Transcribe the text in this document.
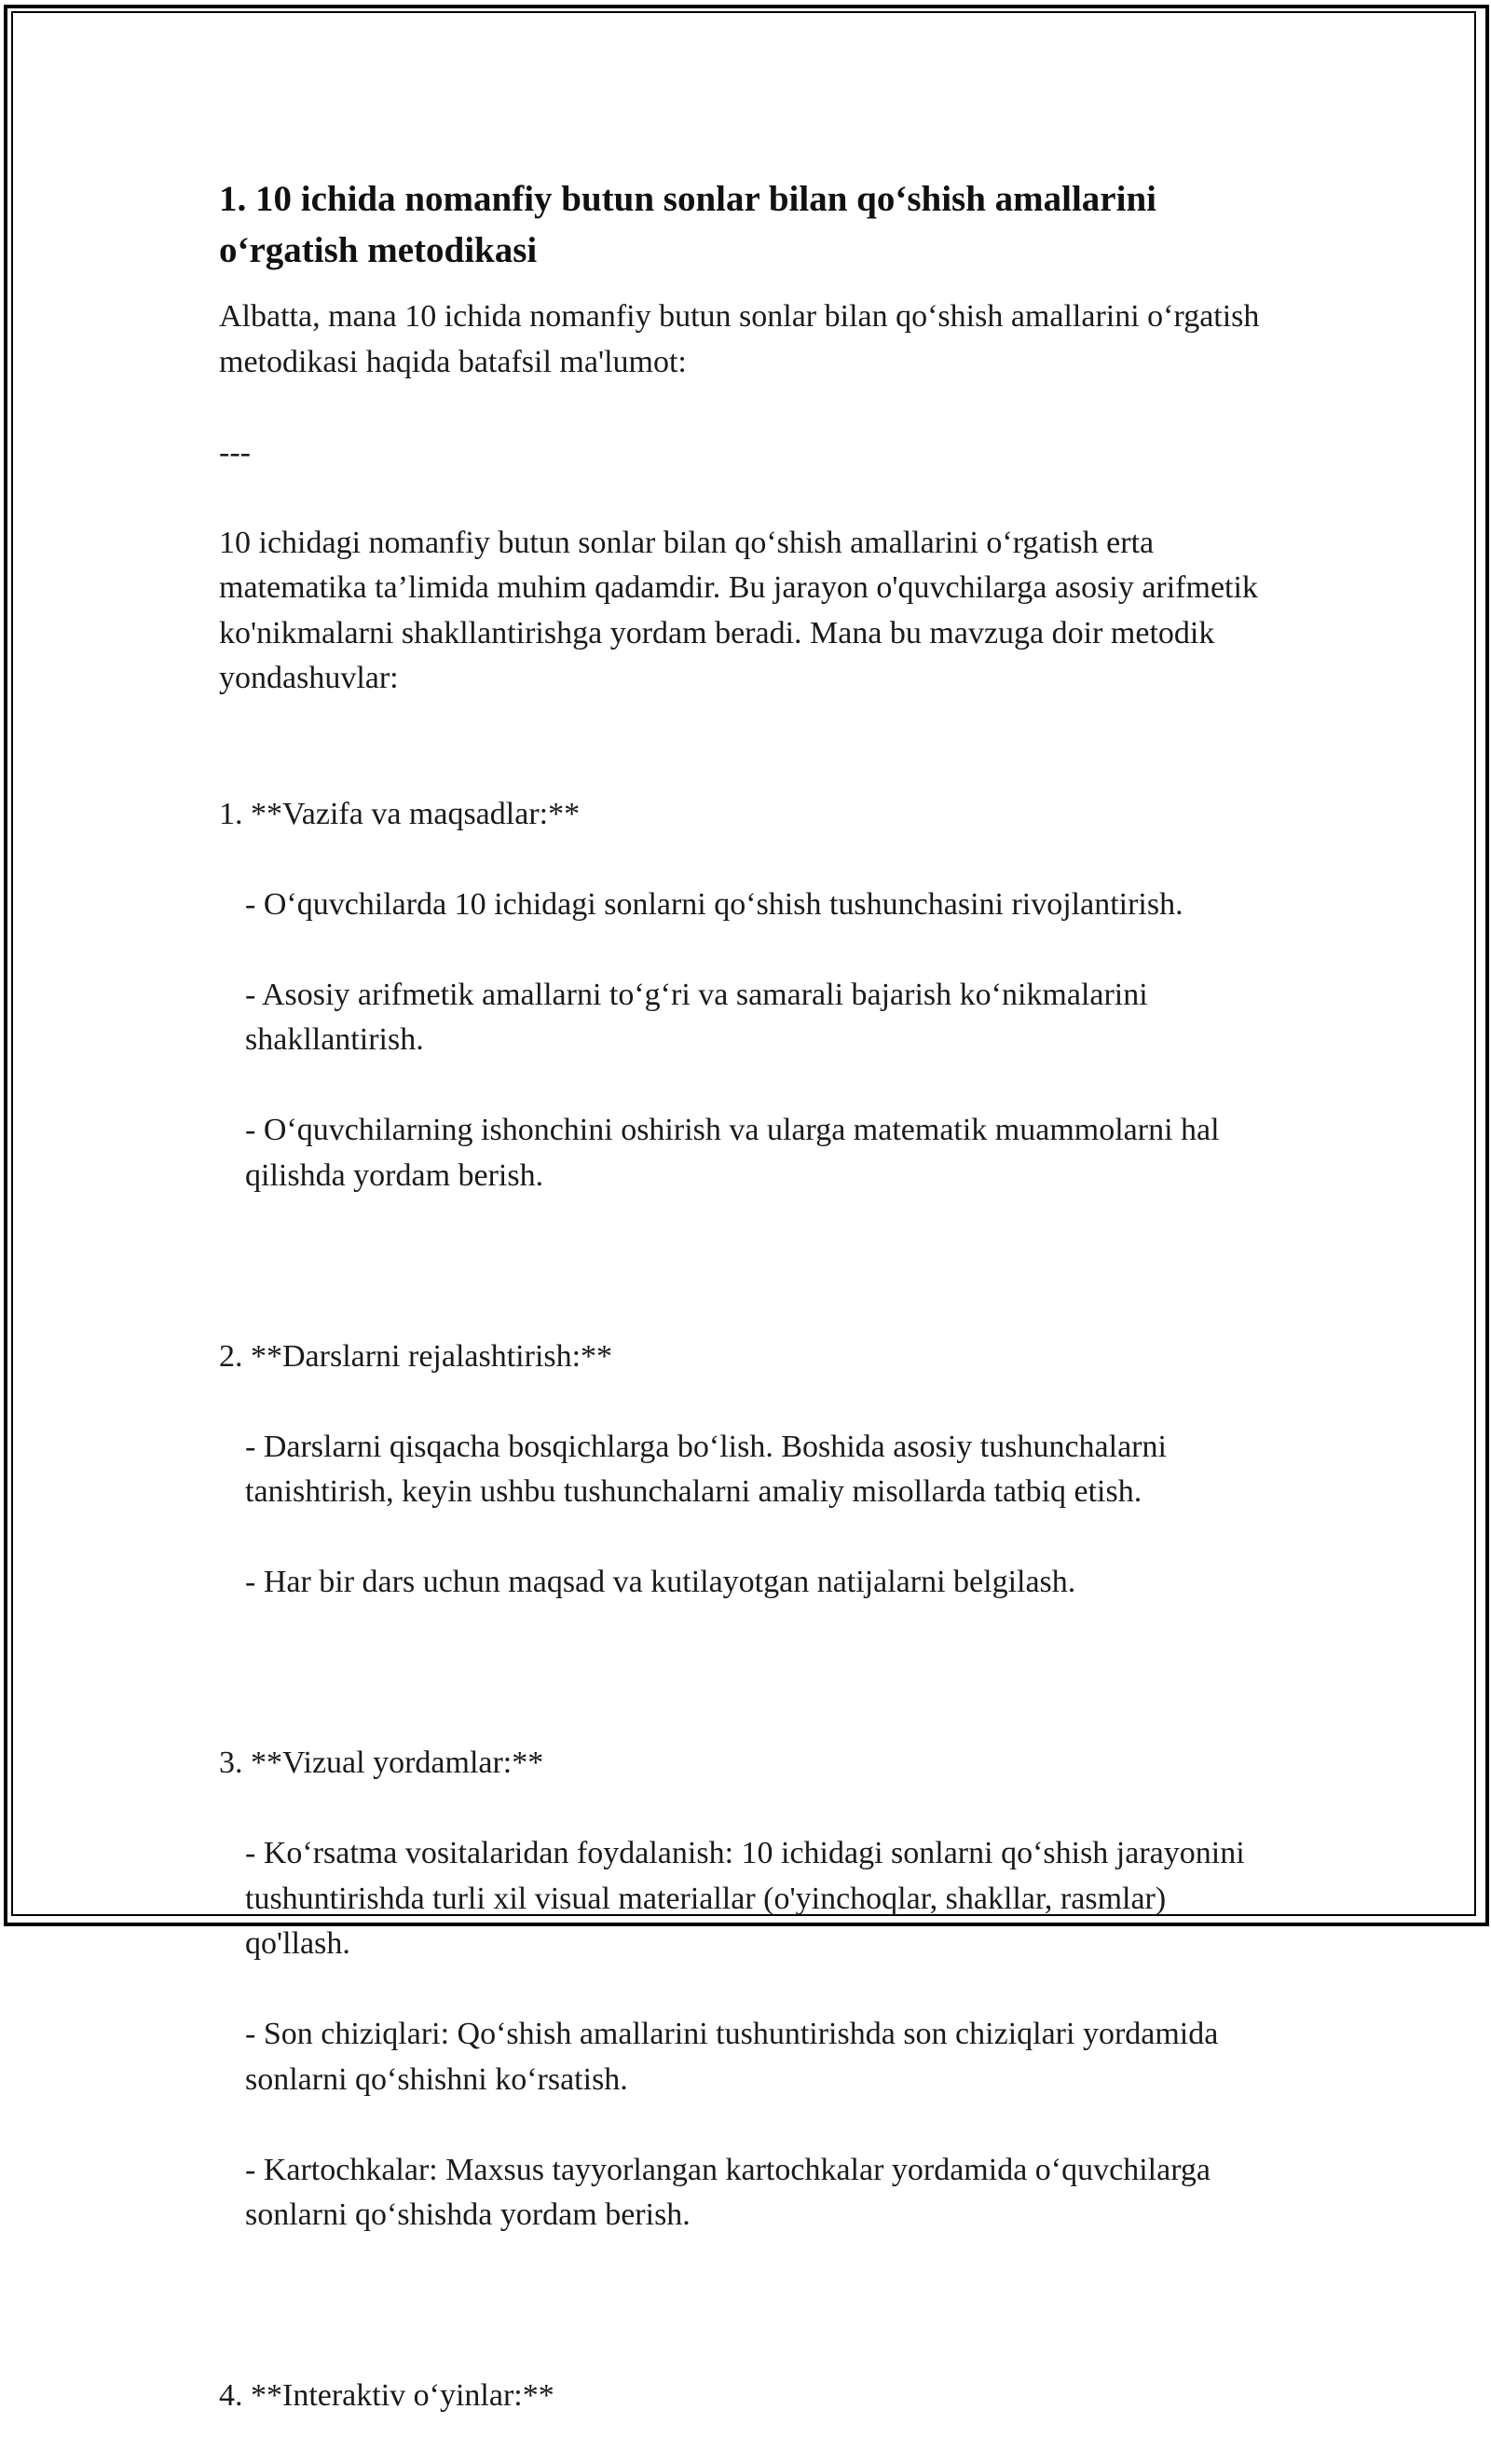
1. 10 ichida nomanfiy butun sonlar bilan qo‘shish amallarini o‘rgatish metodikasi

Albatta, mana 10 ichida nomanfiy butun sonlar bilan qo‘shish amallarini o‘rgatish metodikasi haqida batafsil ma'lumot:

---

10 ichidagi nomanfiy butun sonlar bilan qo‘shish amallarini o‘rgatish erta matematika ta’limida muhim qadamdir. Bu jarayon o'quvchilarga asosiy arifmetik ko'nikmalarni shakllantirishga yordam beradi. Mana bu mavzuga doir metodik yondashuvlar:

1. **Vazifa va maqsadlar:**

- O‘quvchilarda 10 ichidagi sonlarni qo‘shish tushunchasini rivojlantirish.

- Asosiy arifmetik amallarni to‘g‘ri va samarali bajarish ko‘nikmalarini shakllantirish.

- O‘quvchilarning ishonchini oshirish va ularga matematik muammolarni hal qilishda yordam berish.

2. **Darslarni rejalashtirish:**

- Darslarni qisqacha bosqichlarga bo‘lish. Boshida asosiy tushunchalarni tanishtirish, keyin ushbu tushunchalarni amaliy misollarda tatbiq etish.

- Har bir dars uchun maqsad va kutilayotgan natijalarni belgilash.

3. **Vizual yordamlar:**

- Ko‘rsatma vositalaridan foydalanish: 10 ichidagi sonlarni qo‘shish jarayonini tushuntirishda turli xil visual materiallar (o'yinchoqlar, shakllar, rasmlar) qo'llash.

- Son chiziqlari: Qo‘shish amallarini tushuntirishda son chiziqlari yordamida sonlarni qo‘shishni ko‘rsatish.

- Kartochkalar: Maxsus tayyorlangan kartochkalar yordamida o‘quvchilarga sonlarni qo‘shishda yordam berish.

4. **Interaktiv o‘yinlar:**
